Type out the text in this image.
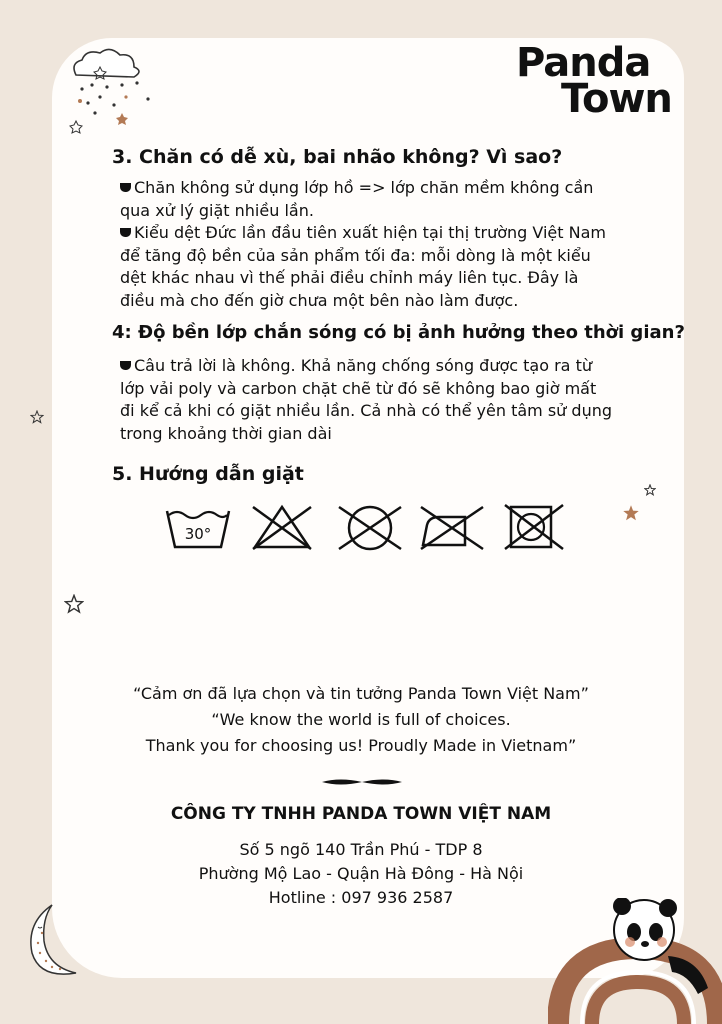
Panda
Town
3. Chăn có dễ xù, bai nhão không? Vì sao?

Chăn không sử dụng lớp hồ => lớp chăn mềm không cần

qua xử lý giặt nhiều lần.

Kiểu dệt Đức lần đầu tiên xuất hiện tại thị trường Việt Nam

để tăng độ bền của sản phẩm tối đa: mỗi dòng là một kiểu

dệt khác nhau vì thế phải điều chỉnh máy liên tục. Đây là

điều mà cho đến giờ chưa một bên nào làm được.

4: Độ bền lớp chắn sóng có bị ảnh hưởng theo thời gian?

Câu trả lời là không. Khả năng chống sóng được tạo ra từ

lớp vải poly và carbon chặt chẽ từ đó sẽ không bao giờ mất

đi kể cả khi có giặt nhiều lần. Cả nhà có thể yên tâm sử dụng

trong khoảng thời gian dài

5. Hướng dẫn giặt
30°
“Cảm ơn đã lựa chọn và tin tưởng Panda Town Việt Nam”
“We know the world is full of choices.
Thank you for choosing us! Proudly Made in Vietnam”
CÔNG TY TNHH PANDA TOWN VIỆT NAM
Số 5 ngõ 140 Trần Phú - TDP 8
Phường Mộ Lao - Quận Hà Đông - Hà Nội
Hotline : 097 936 2587
